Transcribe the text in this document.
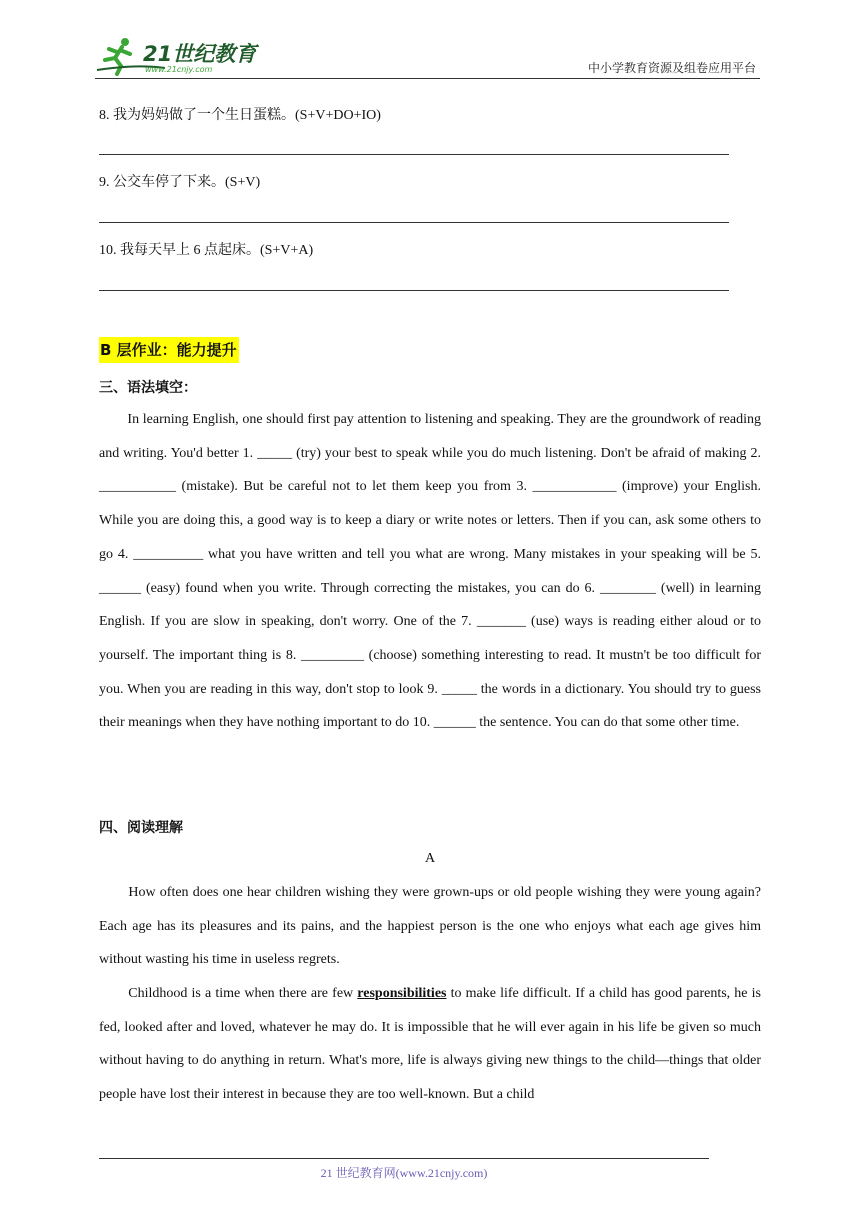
21世纪教育
www.21cnjy.com	中小学教育资源及组卷应用平台
8. 我为妈妈做了一个生日蛋糕。(S+V+DO+IO)
9. 公交车停了下来。(S+V)
10. 我每天早上 6 点起床。(S+V+A)
B 层作业：能力提升
三、语法填空：

　　In learning English, one should first pay attention to listening and speaking. They are the groundwork of reading and writing. You'd better 1. _____ (try) your best to speak while you do much listening. Don't be afraid of making 2. ___________ (mistake). But be careful not to let them keep you from 3. ____________ (improve) your English. While you are doing this, a good way is to keep a diary or write notes or letters. Then if you can, ask some others to go 4. __________ what you have written and tell you what are wrong. Many mistakes in your speaking will be 5. ______ (easy) found when you write. Through correcting the mistakes, you can do 6. ________ (well) in learning English. If you are slow in speaking, don't worry. One of the 7. _______ (use) ways is reading either aloud or to yourself. The important thing is 8. _________ (choose) something interesting to read. It mustn't be too difficult for you. When you are reading in this way, don't stop to look 9. _____ the words in a dictionary. You should try to guess their meanings when they have nothing important to do 10. ______ the sentence. You can do that some other time.

四、阅读理解
A

　　How often does one hear children wishing they were grown-ups or old people wishing they were young again? Each age has its pleasures and its pains, and the happiest person is the one who enjoys what each age gives him without wasting his time in useless regrets.

　　Childhood is a time when there are few responsibilities to make life difficult. If a child has good parents, he is fed, looked after and loved, whatever he may do. It is impossible that he will ever again in his life be given so much without having to do anything in return. What's more, life is always giving new things to the child—things that older people have lost their interest in because they are too well-known. But a child

21 世纪教育网(www.21cnjy.com)
